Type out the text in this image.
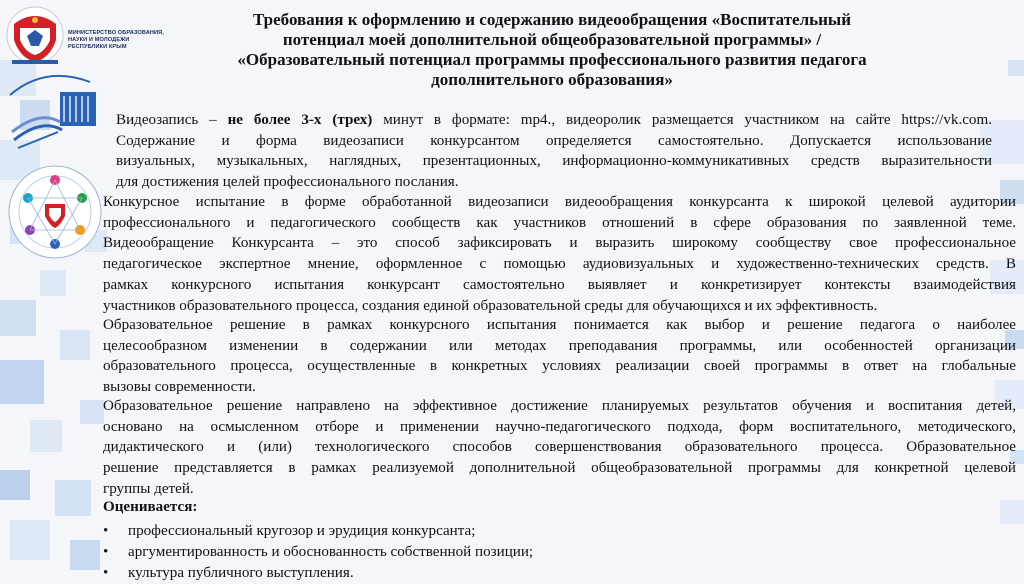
МИНИСТЕРСТВО ОБРАЗОВАНИЯ,
НАУКИ И МОЛОДЕЖИ
РЕСПУБЛИКИ КРЫМ
Требования к оформлению и содержанию видеообращения «Воспитательный
потенциал моей дополнительной общеобразовательной программы» /
«Образовательный потенциал программы профессионального развития педагога
дополнительного образования»
Видеозапись – не более 3-х (трех) минут в формате: mp4., видеоролик размещается участником на сайте https://vk.com.
Содержание и форма видеозаписи конкурсантом определяется самостоятельно. Допускается использование
визуальных, музыкальных, наглядных, презентационных, информационно-коммуникативных средств выразительности
для достижения целей профессионального послания.
Конкурсное испытание в форме обработанной видеозаписи видеообращения конкурсанта к широкой целевой аудитории
профессионального и педагогического сообществ как участников отношений в сфере образования по заявленной теме.
Видеообращение Конкурсанта – это способ зафиксировать и выразить широкому сообществу свое профессиональное
педагогическое экспертное мнение, оформленное с помощью аудиовизуальных и художественно-технических средств. В
рамках конкурсного испытания конкурсант самостоятельно выявляет и конкретизирует контексты взаимодействия
участников образовательного процесса, создания единой образовательной среды для обучающихся и их эффективность.
Образовательное решение в рамках конкурсного испытания понимается как выбор и решение педагога о наиболее
целесообразном изменении в содержании или методах преподавания программы, или особенностей организации
образовательного процесса, осуществленные в конкретных условиях реализации своей программы в ответ на глобальные
вызовы современности.
Образовательное решение направлено на эффективное достижение планируемых результатов обучения и воспитания детей,
основано на осмысленном отборе и применении научно-педагогического подхода, форм воспитательного, методического,
дидактического и (или) технологического способов совершенствования образовательного процесса. Образовательное
решение представляется в рамках реализуемой дополнительной общеобразовательной программы для конкретной целевой
группы детей.
Оценивается:
•	профессиональный кругозор и эрудиция конкурсанта;
•	аргументированность и обоснованность собственной позиции;
•	культура публичного выступления.
